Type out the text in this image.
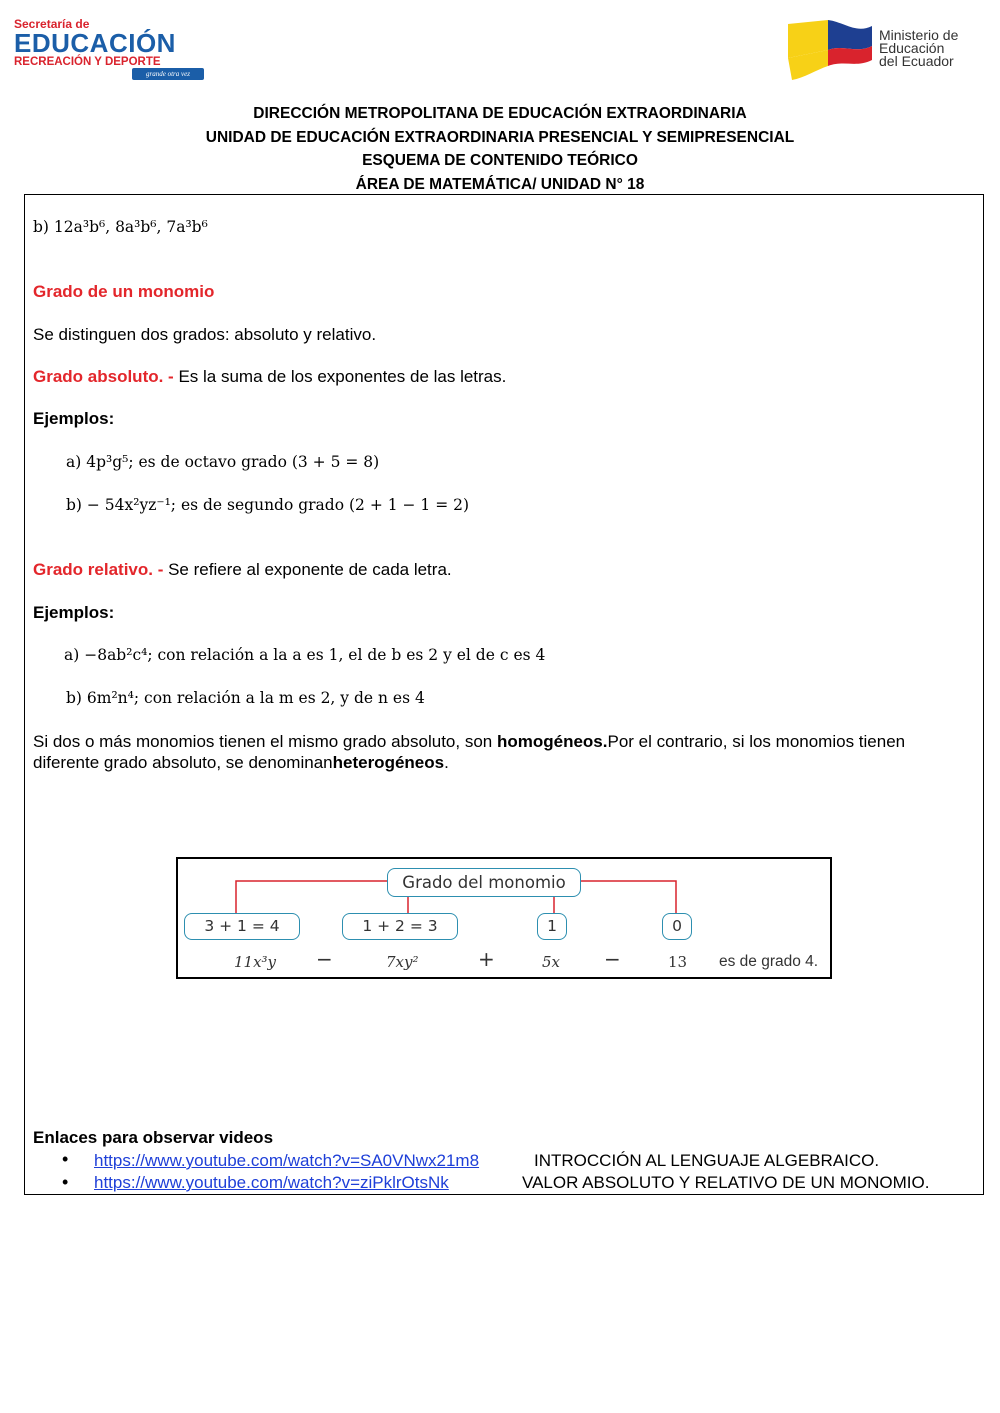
Secretaría de
EDUCACIÓN
RECREACIÓN Y DEPORTE
grande otra vez
Ministerio de
Educación
del Ecuador
DIRECCIÓN METROPOLITANA DE EDUCACIÓN EXTRAORDINARIA
UNIDAD DE EDUCACIÓN EXTRAORDINARIA PRESENCIAL Y SEMIPRESENCIAL
ESQUEMA DE CONTENIDO TEÓRICO
ÁREA DE MATEMÁTICA/ UNIDAD N° 18
b) 12a³b⁶, 8a³b⁶, 7a³b⁶
Grado de un monomio
Se distinguen dos grados: absoluto y relativo.
Grado absoluto. - Es la suma de los exponentes de las letras.
Ejemplos:
a) 4p³g⁵; es de octavo grado (3 + 5 = 8)
b) − 54x²yz⁻¹; es de segundo grado (2 + 1 − 1 = 2)
Grado relativo. - Se refiere al exponente de cada letra.
Ejemplos:
a) −8ab²c⁴; con relación a la a es 1, el de b es 2 y el de c es 4
b) 6m²n⁴; con relación a la m es 2, y de n es 4
Si dos o más monomios tienen el mismo grado absoluto, son homogéneos.Por el contrario, si los monomios tienen
diferente grado absoluto, se denominanheterogéneos.
Grado del monomio
3 + 1 = 4	1 + 2 = 3	1	0
11x³y −	7xy²	+	5x −	13 es de grado 4.
Enlaces para observar videos
• https://www.youtube.com/watch?v=SA0VNwx21m8	INTROCCIÓN AL LENGUAJE ALGEBRAICO.
• https://www.youtube.com/watch?v=ziPklrOtsNk	VALOR ABSOLUTO Y RELATIVO DE UN MONOMIO.
